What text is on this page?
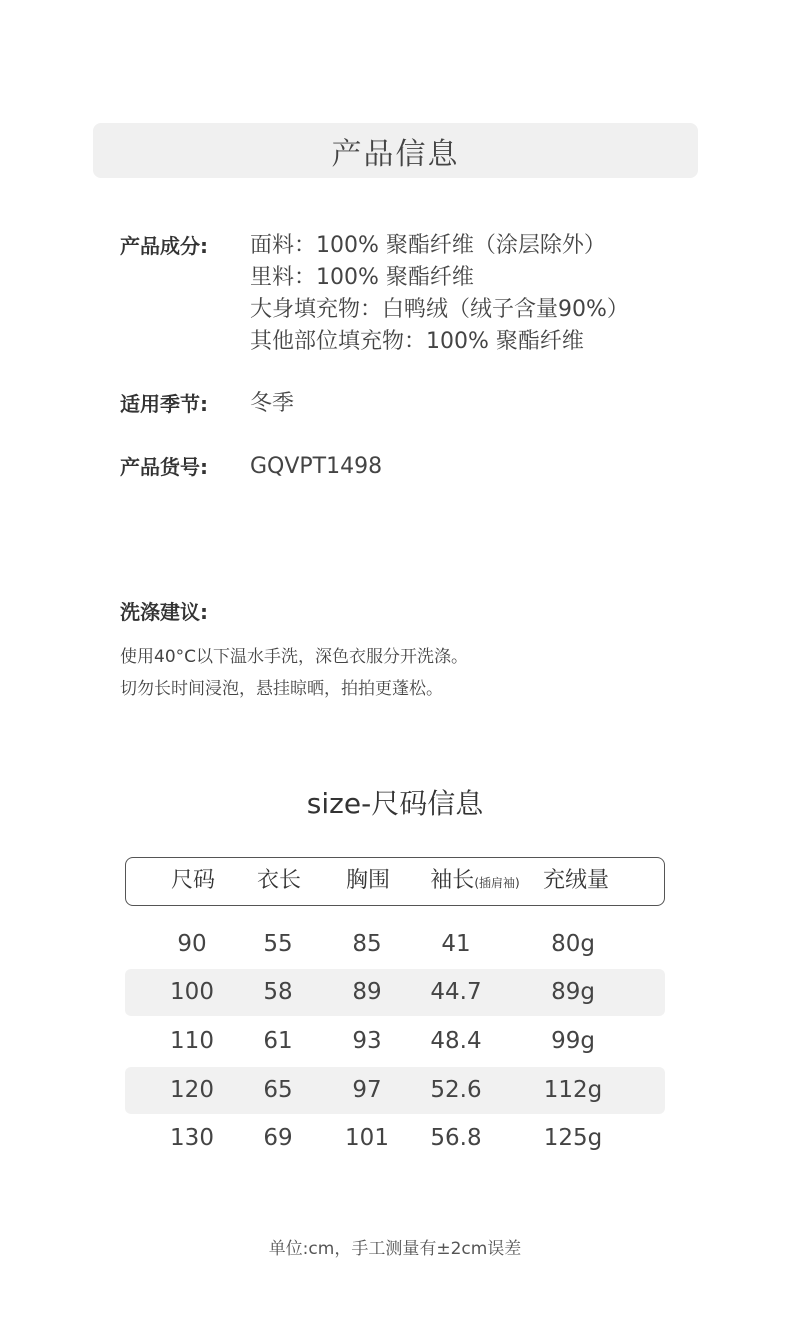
产品信息
产品成分:	面料：100% 聚酯纤维（涂层除外）
里料：100% 聚酯纤维
大身填充物：白鸭绒（绒子含量90%）
其他部位填充物：100% 聚酯纤维
适用季节:	冬季
产品货号:	GQVPT1498
洗涤建议:
使用40°C以下温水手洗，深色衣服分开洗涤。
切勿长时间浸泡，悬挂晾晒，拍拍更蓬松。
size-尺码信息
尺码	衣长	胸围	袖长(插肩袖)	充绒量
90	55	85	41	80g
100	58	89	44.7	89g
110	61	93	48.4	99g
120	65	97	52.6	112g
130	69	101	56.8	125g
单位:cm，手工测量有±2cm误差
